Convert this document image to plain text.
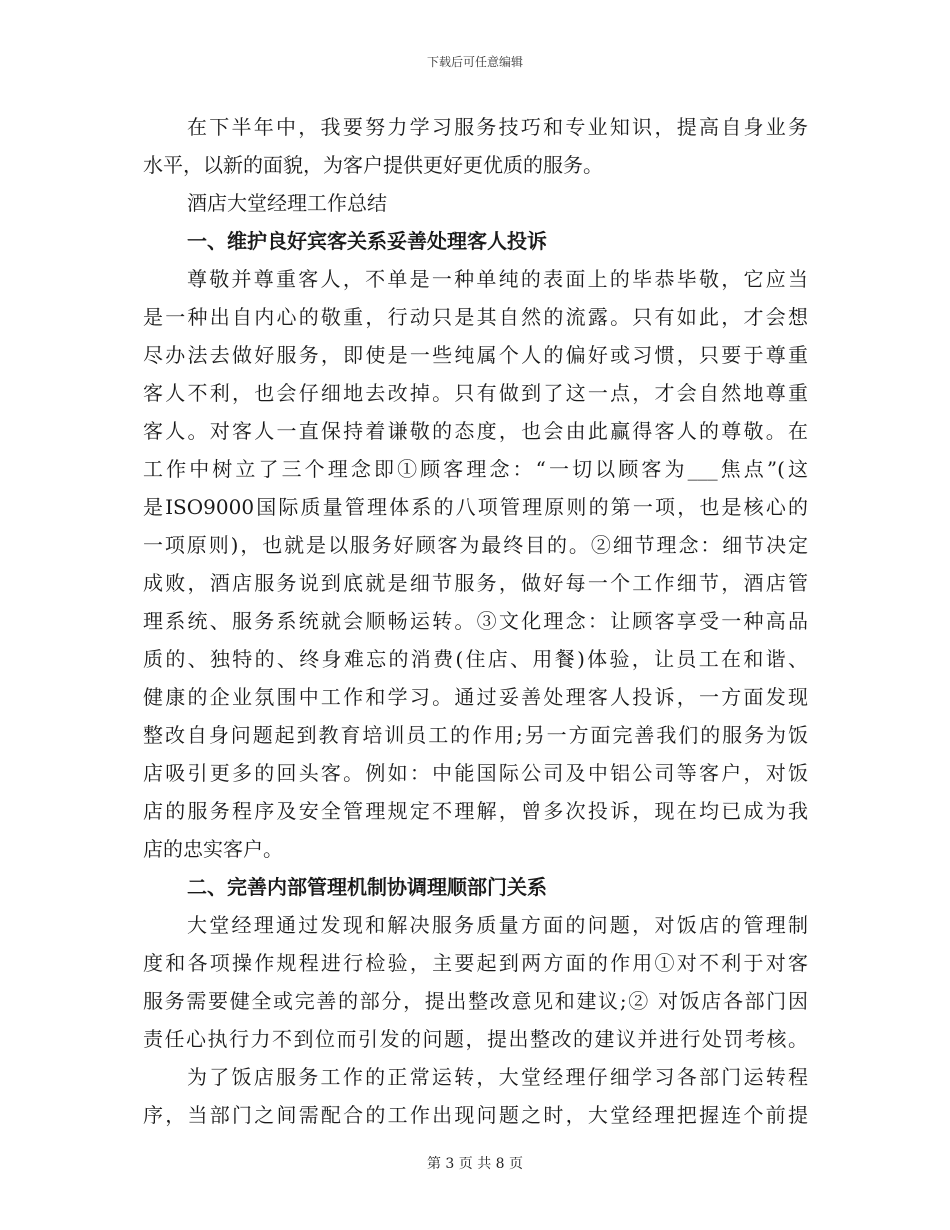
下载后可任意编辑
在下半年中，我要努力学习服务技巧和专业知识，提高自身业务
水平，以新的面貌，为客户提供更好更优质的服务。
酒店大堂经理工作总结
一、维护良好宾客关系妥善处理客人投诉
尊敬并尊重客人，不单是一种单纯的表面上的毕恭毕敬，它应当
是一种出自内心的敬重，行动只是其自然的流露。只有如此，才会想
尽办法去做好服务，即使是一些纯属个人的偏好或习惯，只要于尊重
客人不利，也会仔细地去改掉。只有做到了这一点，才会自然地尊重
客人。对客人一直保持着谦敬的态度，也会由此赢得客人的尊敬。在
工作中树立了三个理念即①顾客理念：“一切以顾客为___焦点”(这
是ISO9000国际质量管理体系的八项管理原则的第一项，也是核心的
一项原则)，也就是以服务好顾客为最终目的。②细节理念：细节决定
成败，酒店服务说到底就是细节服务，做好每一个工作细节，酒店管
理系统、服务系统就会顺畅运转。③文化理念：让顾客享受一种高品
质的、独特的、终身难忘的消费(住店、用餐)体验，让员工在和谐、
健康的企业氛围中工作和学习。通过妥善处理客人投诉，一方面发现
整改自身问题起到教育培训员工的作用;另一方面完善我们的服务为饭
店吸引更多的回头客。例如：中能国际公司及中铝公司等客户，对饭
店的服务程序及安全管理规定不理解，曾多次投诉，现在均已成为我
店的忠实客户。
二、完善内部管理机制协调理顺部门关系
大堂经理通过发现和解决服务质量方面的问题，对饭店的管理制
度和各项操作规程进行检验，主要起到两方面的作用①对不利于对客
服务需要健全或完善的部分，提出整改意见和建议;② 对饭店各部门因
责任心执行力不到位而引发的问题，提出整改的建议并进行处罚考核。
为了饭店服务工作的正常运转，大堂经理仔细学习各部门运转程
序，当部门之间需配合的工作出现问题之时，大堂经理把握连个前提
第 3 页 共 8 页
